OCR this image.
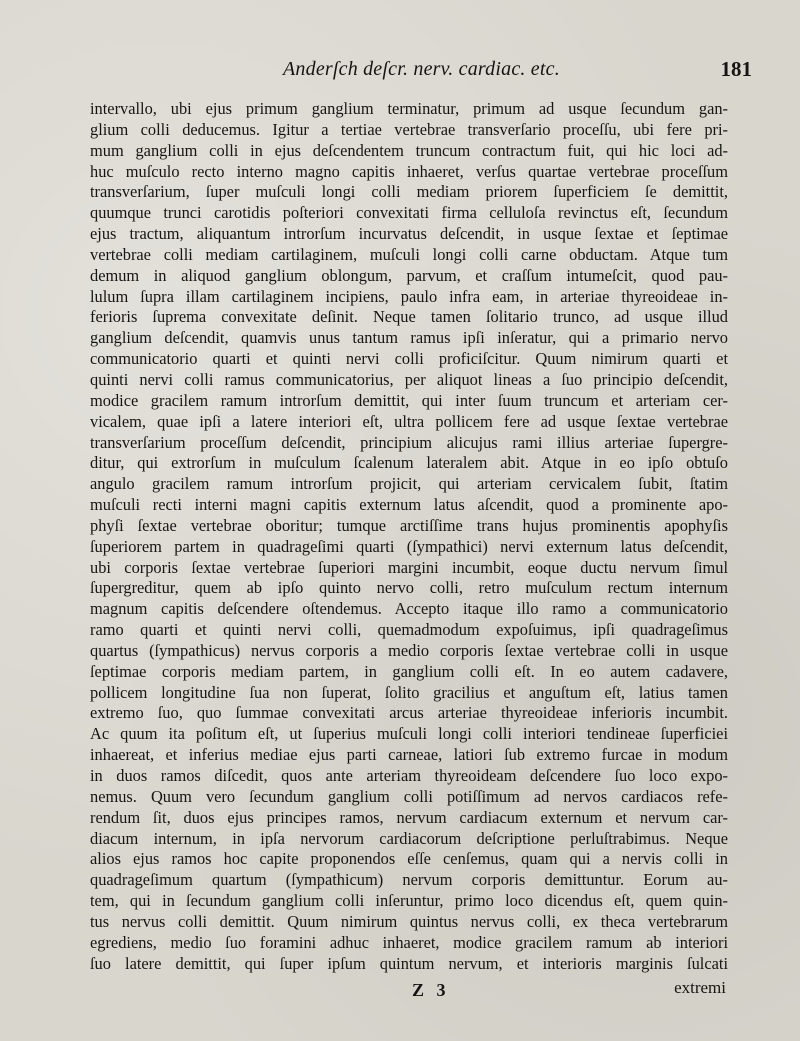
Anderſch deſcr. nerv. cardiac. etc.	181
intervallo, ubi ejus primum ganglium terminatur, primum ad usque ſecundum gan-
glium colli deducemus. Igitur a tertiae vertebrae transverſario proceſſu, ubi fere pri-
mum ganglium colli in ejus deſcendentem truncum contractum fuit, qui hic loci ad-
huc muſculo recto interno magno capitis inhaeret, verſus quartae vertebrae proceſſum
transverſarium, ſuper muſculi longi colli mediam priorem ſuperficiem ſe demittit,
quumque trunci carotidis poſteriori convexitati firma celluloſa revinctus eſt, ſecundum
ejus tractum, aliquantum introrſum incurvatus deſcendit, in usque ſextae et ſeptimae
vertebrae colli mediam cartilaginem, muſculi longi colli carne obductam. Atque tum
demum in aliquod ganglium oblongum, parvum, et craſſum intumeſcit, quod pau-
lulum ſupra illam cartilaginem incipiens, paulo infra eam, in arteriae thyreoideae in-
ferioris ſuprema convexitate deſinit. Neque tamen ſolitario trunco, ad usque illud
ganglium deſcendit, quamvis unus tantum ramus ipſi inſeratur, qui a primario nervo
communicatorio quarti et quinti nervi colli proficiſcitur. Quum nimirum quarti et
quinti nervi colli ramus communicatorius, per aliquot lineas a ſuo principio deſcendit,
modice gracilem ramum introrſum demittit, qui inter ſuum truncum et arteriam cer-
vicalem, quae ipſi a latere interiori eſt, ultra pollicem fere ad usque ſextae vertebrae
transverſarium proceſſum deſcendit, principium alicujus rami illius arteriae ſupergre-
ditur, qui extrorſum in muſculum ſcalenum lateralem abit. Atque in eo ipſo obtuſo
angulo gracilem ramum introrſum projicit, qui arteriam cervicalem ſubit, ſtatim
muſculi recti interni magni capitis externum latus aſcendit, quod a prominente apo-
phyſi ſextae vertebrae oboritur; tumque arctiſſime trans hujus prominentis apophyſis
ſuperiorem partem in quadrageſimi quarti (ſympathici) nervi externum latus deſcendit,
ubi corporis ſextae vertebrae ſuperiori margini incumbit, eoque ductu nervum ſimul
ſupergreditur, quem ab ipſo quinto nervo colli, retro muſculum rectum internum
magnum capitis deſcendere oſtendemus. Accepto itaque illo ramo a communicatorio
ramo quarti et quinti nervi colli, quemadmodum expoſuimus, ipſi quadrageſimus
quartus (ſympathicus) nervus corporis a medio corporis ſextae vertebrae colli in usque
ſeptimae corporis mediam partem, in ganglium colli eſt. In eo autem cadavere,
pollicem longitudine ſua non ſuperat, ſolito gracilius et anguſtum eſt, latius tamen
extremo ſuo, quo ſummae convexitati arcus arteriae thyreoideae inferioris incumbit.
Ac quum ita poſitum eſt, ut ſuperius muſculi longi colli interiori tendineae ſuperficiei
inhaereat, et inferius mediae ejus parti carneae, latiori ſub extremo furcae in modum
in duos ramos diſcedit, quos ante arteriam thyreoideam deſcendere ſuo loco expo-
nemus. Quum vero ſecundum ganglium colli potiſſimum ad nervos cardiacos refe-
rendum ſit, duos ejus principes ramos, nervum cardiacum externum et nervum car-
diacum internum, in ipſa nervorum cardiacorum deſcriptione perluſtrabimus. Neque
alios ejus ramos hoc capite proponendos eſſe cenſemus, quam qui a nervis colli in
quadrageſimum quartum (ſympathicum) nervum corporis demittuntur. Eorum au-
tem, qui in ſecundum ganglium colli inſeruntur, primo loco dicendus eſt, quem quin-
tus nervus colli demittit. Quum nimirum quintus nervus colli, ex theca vertebrarum
egrediens, medio ſuo foramini adhuc inhaeret, modice gracilem ramum ab interiori
ſuo latere demittit, qui ſuper ipſum quintum nervum, et interioris marginis ſulcati
Z 3	extremi
